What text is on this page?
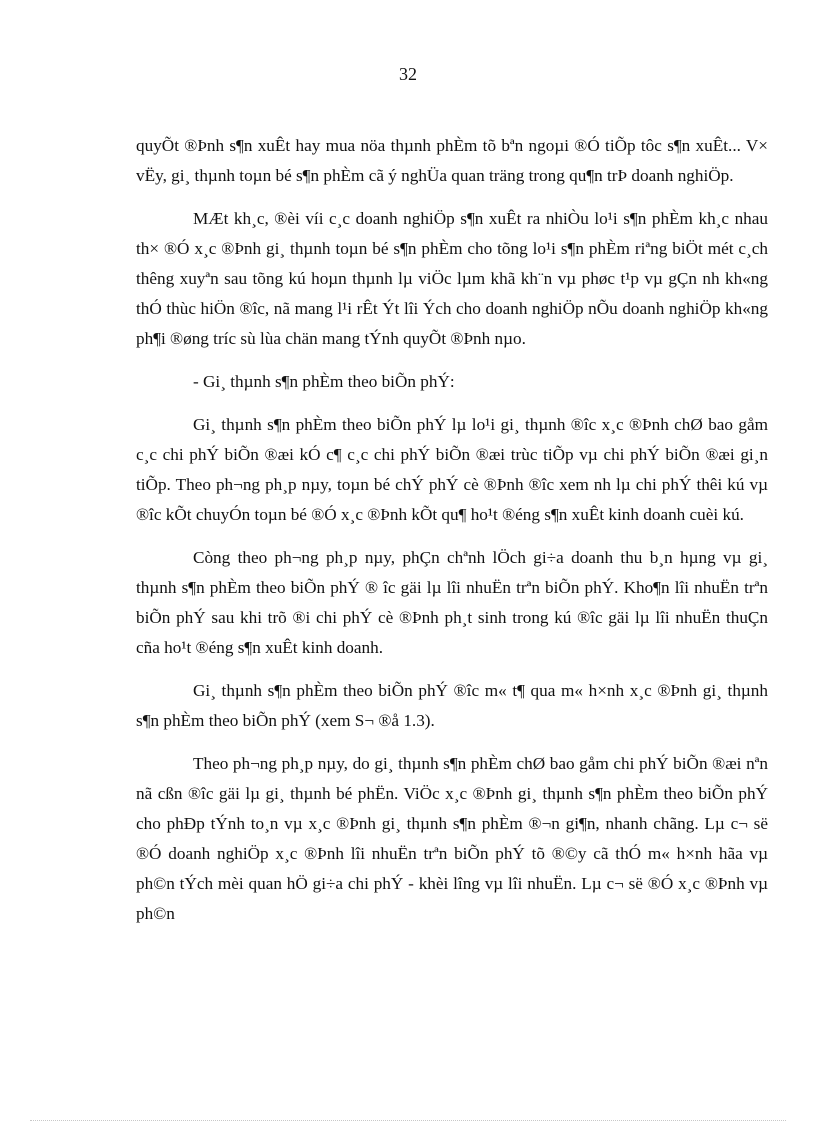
32

quyÕt ®Þnh s¶n xuÊt hay mua nöa thµnh phÈm tõ bªn ngoµi ®Ó tiÕp tôc s¶n xuÊt... V× vËy, gi¸ thµnh toµn bé s¶n phÈm cã ý nghÜa quan träng trong qu¶n trÞ doanh nghiÖp.

MÆt kh¸c, ®èi víi c¸c doanh nghiÖp s¶n xuÊt ra nhiÒu lo¹i s¶n phÈm kh¸c nhau th× ®Ó x¸c ®Þnh gi¸ thµnh toµn bé s¶n phÈm cho tõng lo¹i s¶n phÈm riªng biÖt mét c¸ch thêng xuyªn sau tõng kú hoµn thµnh lµ viÖc lµm khã kh¨n vµ phøc t¹p vµ gÇn nh kh«ng thÓ thùc hiÖn ®îc, nã mang l¹i rÊt Ýt lîi Ých cho doanh nghiÖp nÕu doanh nghiÖp kh«ng ph¶i ®øng tríc sù lùa chän mang tÝnh quyÕt ®Þnh nµo.

- Gi¸ thµnh s¶n phÈm theo biÕn phÝ:

Gi¸ thµnh s¶n phÈm theo biÕn phÝ lµ lo¹i gi¸ thµnh ®îc x¸c ®Þnh chØ bao gåm c¸c chi phÝ biÕn ®æi kÓ c¶ c¸c chi phÝ biÕn ®æi trùc tiÕp vµ chi phÝ biÕn ®æi gi¸n tiÕp. Theo ph¬ng ph¸p nµy, toµn bé chÝ phÝ cè ®Þnh ®îc xem nh lµ chi phÝ thêi kú vµ ®îc kÕt chuyÓn toµn bé ®Ó x¸c ®Þnh kÕt qu¶ ho¹t ®éng s¶n xuÊt kinh doanh cuèi kú.

Còng theo ph¬ng ph¸p nµy, phÇn chªnh lÖch gi÷a doanh thu b¸n hµng vµ gi¸ thµnh s¶n phÈm theo biÕn phÝ ® îc gäi lµ lîi nhuËn trªn biÕn phÝ. Kho¶n lîi nhuËn trªn biÕn phÝ sau khi trõ ®i chi phÝ cè ®Þnh ph¸t sinh trong kú ®îc gäi lµ lîi nhuËn thuÇn cña ho¹t ®éng s¶n xuÊt kinh doanh.

Gi¸ thµnh s¶n phÈm theo biÕn phÝ ®îc m« t¶ qua m« h×nh x¸c ®Þnh gi¸ thµnh s¶n phÈm theo biÕn phÝ (xem S¬ ®å 1.3).

Theo ph¬ng ph¸p nµy, do gi¸ thµnh s¶n phÈm chØ bao gåm chi phÝ biÕn ®æi nªn nã cßn ®îc gäi lµ gi¸ thµnh bé phËn. ViÖc x¸c ®Þnh gi¸ thµnh s¶n phÈm theo biÕn phÝ cho phÐp tÝnh to¸n vµ x¸c ®Þnh gi¸ thµnh s¶n phÈm ®¬n gi¶n, nhanh chãng. Lµ c¬ së ®Ó doanh nghiÖp x¸c ®Þnh lîi nhuËn trªn biÕn phÝ tõ ®©y cã thÓ m« h×nh hãa vµ ph©n tÝch mèi quan hÖ gi÷a chi phÝ - khèi lîng vµ lîi nhuËn. Lµ c¬ së ®Ó x¸c ®Þnh vµ ph©n
